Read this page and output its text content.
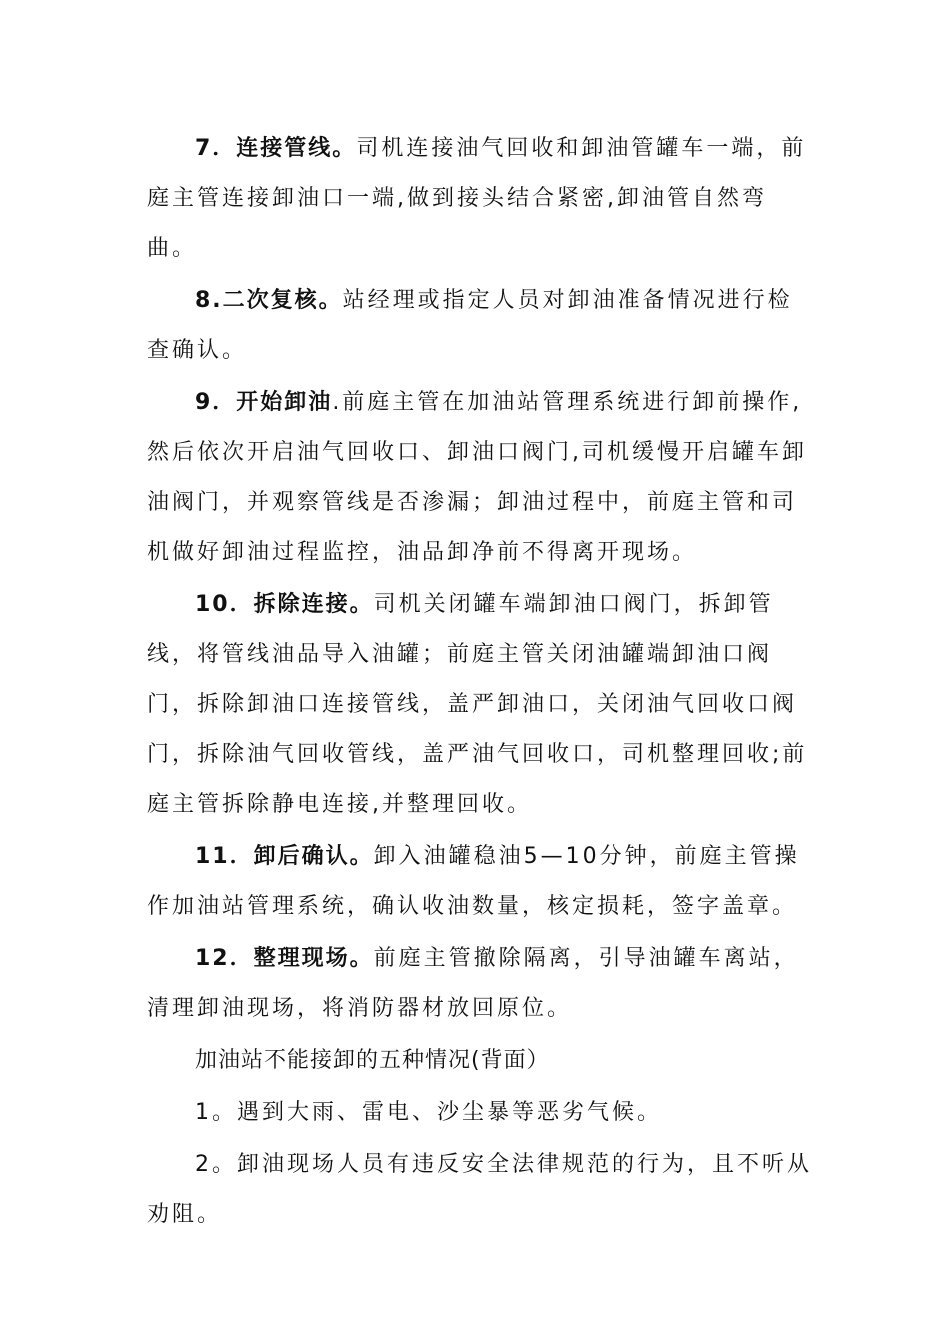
7．连接管线。司机连接油气回收和卸油管罐车一端，前庭主管连接卸油口一端,做到接头结合紧密,卸油管自然弯曲。

8.二次复核。站经理或指定人员对卸油准备情况进行检查确认。

9．开始卸油.前庭主管在加油站管理系统进行卸前操作,然后依次开启油气回收口、卸油口阀门,司机缓慢开启罐车卸油阀门，并观察管线是否渗漏；卸油过程中，前庭主管和司机做好卸油过程监控，油品卸净前不得离开现场。

10．拆除连接。司机关闭罐车端卸油口阀门，拆卸管线，将管线油品导入油罐；前庭主管关闭油罐端卸油口阀门，拆除卸油口连接管线，盖严卸油口，关闭油气回收口阀门，拆除油气回收管线，盖严油气回收口，司机整理回收;前庭主管拆除静电连接,并整理回收。

11．卸后确认。卸入油罐稳油5—10分钟，前庭主管操作加油站管理系统，确认收油数量，核定损耗，签字盖章。

12．整理现场。前庭主管撤除隔离，引导油罐车离站，清理卸油现场，将消防器材放回原位。

加油站不能接卸的五种情况(背面）

1。遇到大雨、雷电、沙尘暴等恶劣气候。

2。卸油现场人员有违反安全法律规范的行为，且不听从劝阻。
